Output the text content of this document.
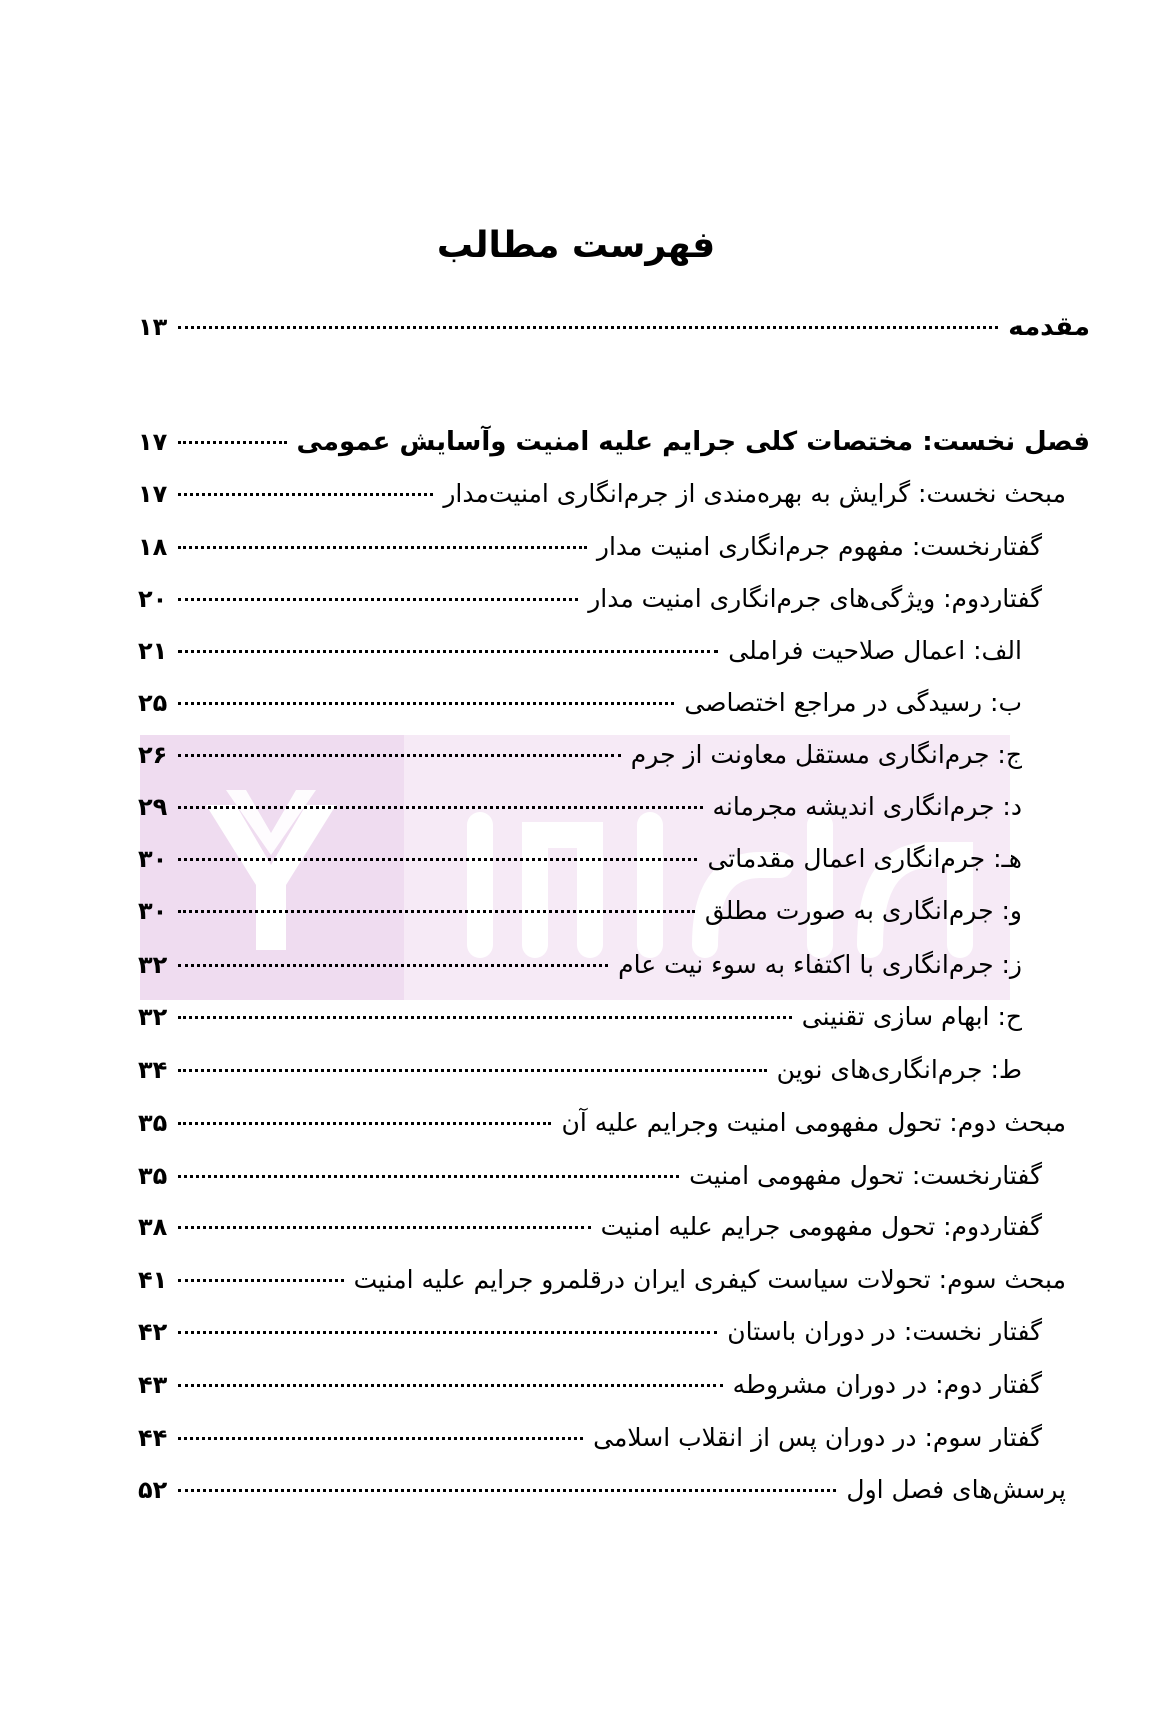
فهرست مطالب
مقدمه
۱۳
فصل نخست: مختصات کلی جرایم علیه امنیت وآسایش عمومی
۱۷
مبحث نخست: گرایش به بهره‌مندی از جرم‌انگاری امنیت‌مدار
۱۷
گفتارنخست: مفهوم جرم‌انگاری امنیت مدار
۱۸
گفتاردوم: ویژگی‌های جرم‌انگاری امنیت مدار
۲۰
الف: اعمال صلاحیت فراملی
۲۱
ب: رسیدگی در مراجع اختصاصی
۲۵
ج: جرم‌انگاری مستقل معاونت از جرم
۲۶
د: جرم‌انگاری اندیشه مجرمانه
۲۹
هـ: جرم‌انگاری اعمال مقدماتی
۳۰
و: جرم‌انگاری به صورت مطلق
۳۰
ز: جرم‌انگاری با اکتفاء به سوء نیت عام
۳۲
ح: ابهام سازی تقنینی
۳۲
ط: جرم‌انگاری‌های نوین
۳۴
مبحث دوم: تحول مفهومی امنیت وجرایم علیه آن
۳۵
گفتارنخست: تحول مفهومی امنیت
۳۵
گفتاردوم: تحول مفهومی جرایم علیه امنیت
۳۸
مبحث سوم: تحولات سیاست کیفری ایران درقلمرو جرایم علیه امنیت
۴۱
گفتار نخست: در دوران باستان
۴۲
گفتار دوم: در دوران مشروطه
۴۳
گفتار سوم: در دوران پس از انقلاب اسلامی
۴۴
پرسش‌های فصل اول
۵۲
